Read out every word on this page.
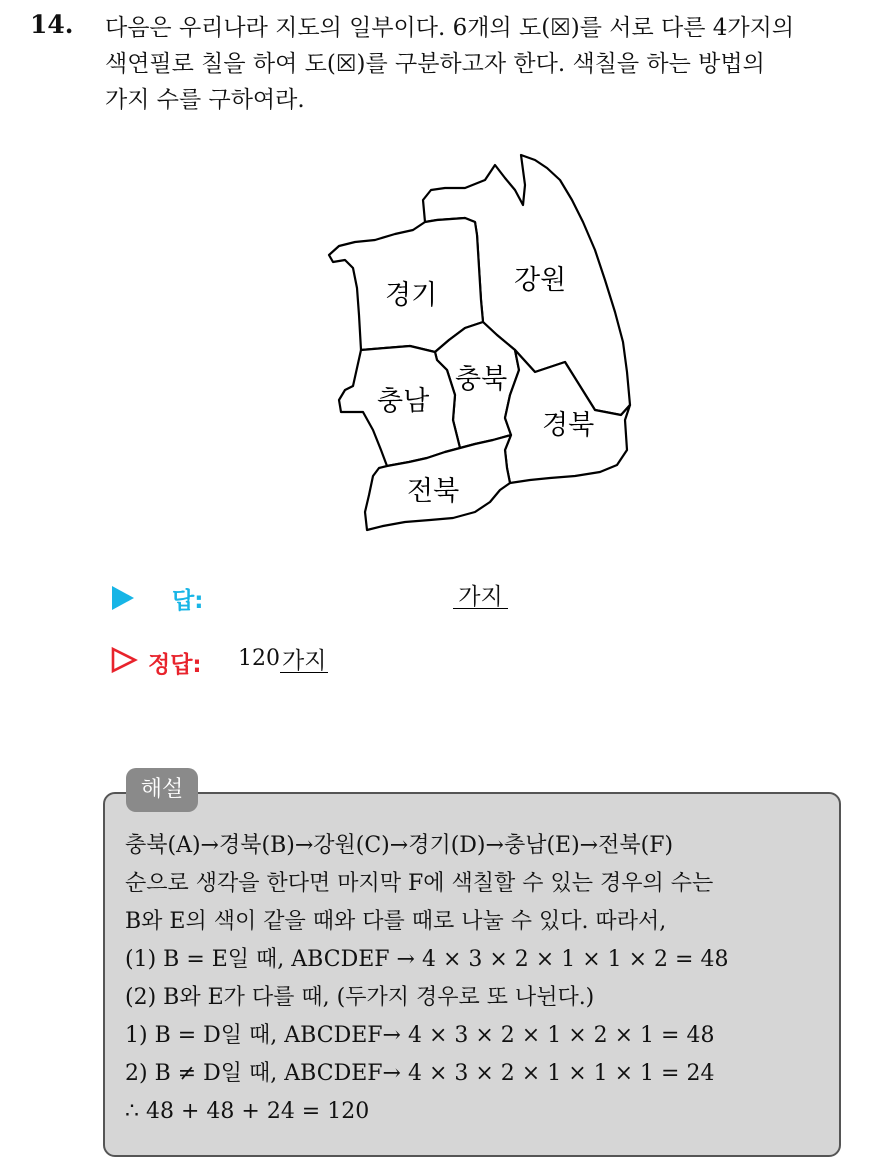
14. 다음은 우리나라 지도의 일부이다. 6개의 도(☒)를 서로 다른 4가지의
색연필로 칠을 하여 도(☒)를 구분하고자 한다. 색칠을 하는 방법의
가지 수를 구하여라.
경기	강원
충북
충남
경북
전북
답:	가지
정답: 120 가지
해설
충북(A)→경북(B)→강원(C)→경기(D)→충남(E)→전북(F)
순으로 생각을 한다면 마지막 F에 색칠할 수 있는 경우의 수는
B와 E의 색이 같을 때와 다를 때로 나눌 수 있다. 따라서,
(1) B = E일 때, ABCDEF → 4 × 3 × 2 × 1 × 1 × 2 = 48
(2) B와 E가 다를 때, (두가지 경우로 또 나뉜다.)
1) B = D일 때, ABCDEF→ 4 × 3 × 2 × 1 × 2 × 1 = 48
2) B ≠ D일 때, ABCDEF→ 4 × 3 × 2 × 1 × 1 × 1 = 24
∴ 48 + 48 + 24 = 120
